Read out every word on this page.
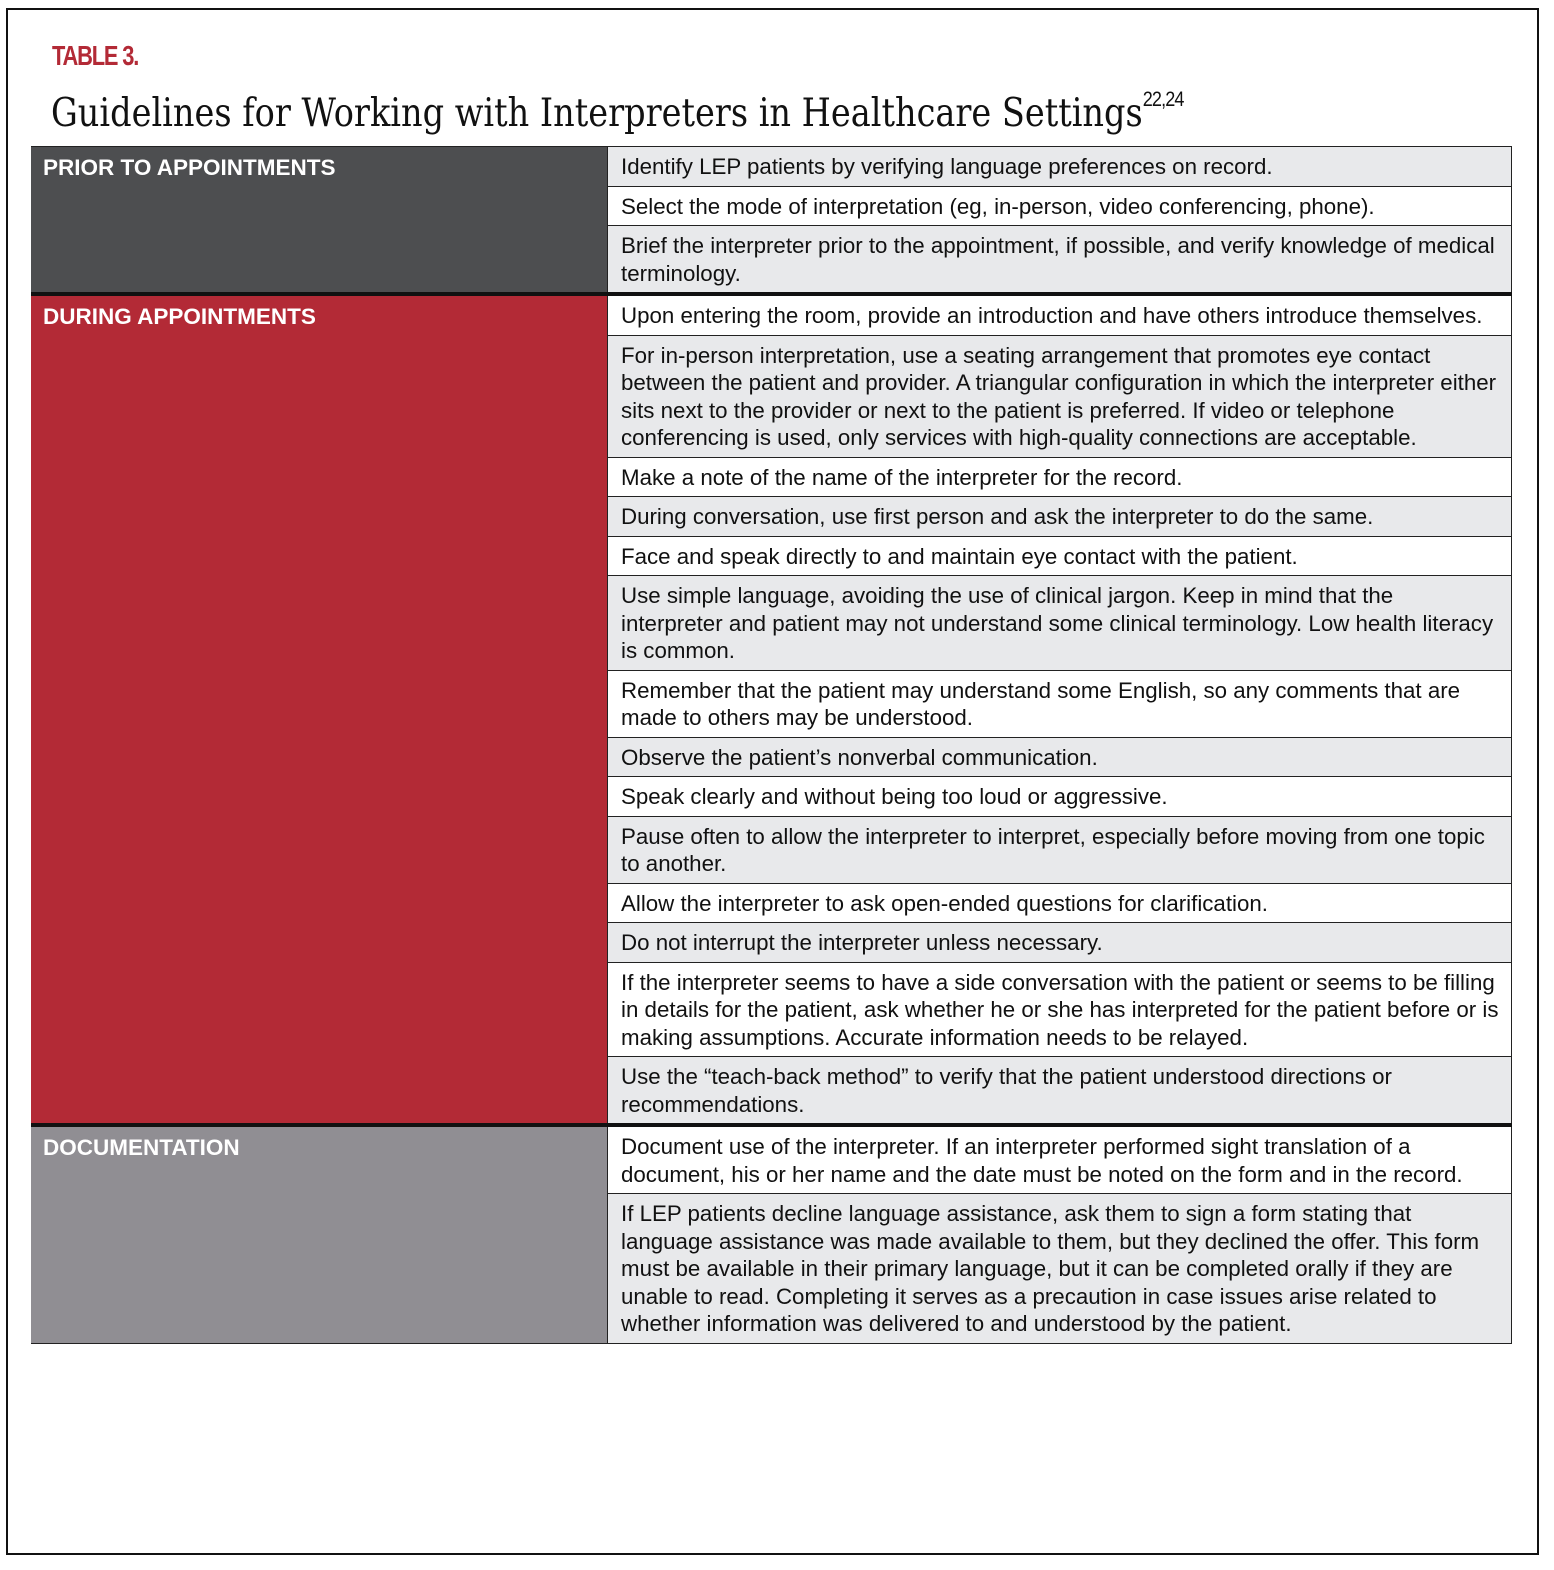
TABLE 3.
Guidelines for Working with Interpreters in Healthcare Settings$^{22,24}$
PRIOR TO APPOINTMENTS	Identify LEP patients by verifying language preferences on record.
Select the mode of interpretation (eg, in-person, video conferencing, phone).
Brief the interpreter prior to the appointment, if possible, and verify knowledge of medical terminology.
DURING APPOINTMENTS	Upon entering the room, provide an introduction and have others introduce themselves.
For in-person interpretation, use a seating arrangement that promotes eye contact between the patient and provider. A triangular configuration in which the interpreter either sits next to the provider or next to the patient is preferred. If video or telephone conferencing is used, only services with high-quality connections are acceptable.
Make a note of the name of the interpreter for the record.
During conversation, use first person and ask the interpreter to do the same.
Face and speak directly to and maintain eye contact with the patient.
Use simple language, avoiding the use of clinical jargon. Keep in mind that the interpreter and patient may not understand some clinical terminology. Low health literacy is common.
Remember that the patient may understand some English, so any comments that are made to others may be understood.
Observe the patient’s nonverbal communication.
Speak clearly and without being too loud or aggressive.
Pause often to allow the interpreter to interpret, especially before moving from one topic to another.
Allow the interpreter to ask open-ended questions for clarification.
Do not interrupt the interpreter unless necessary.
If the interpreter seems to have a side conversation with the patient or seems to be filling in details for the patient, ask whether he or she has interpreted for the patient before or is making assumptions. Accurate information needs to be relayed.
Use the “teach-back method” to verify that the patient understood directions or recommendations.
DOCUMENTATION	Document use of the interpreter. If an interpreter performed sight translation of a document, his or her name and the date must be noted on the form and in the record.
If LEP patients decline language assistance, ask them to sign a form stating that language assistance was made available to them, but they declined the offer. This form must be available in their primary language, but it can be completed orally if they are unable to read. Completing it serves as a precaution in case issues arise related to whether information was delivered to and understood by the patient.
